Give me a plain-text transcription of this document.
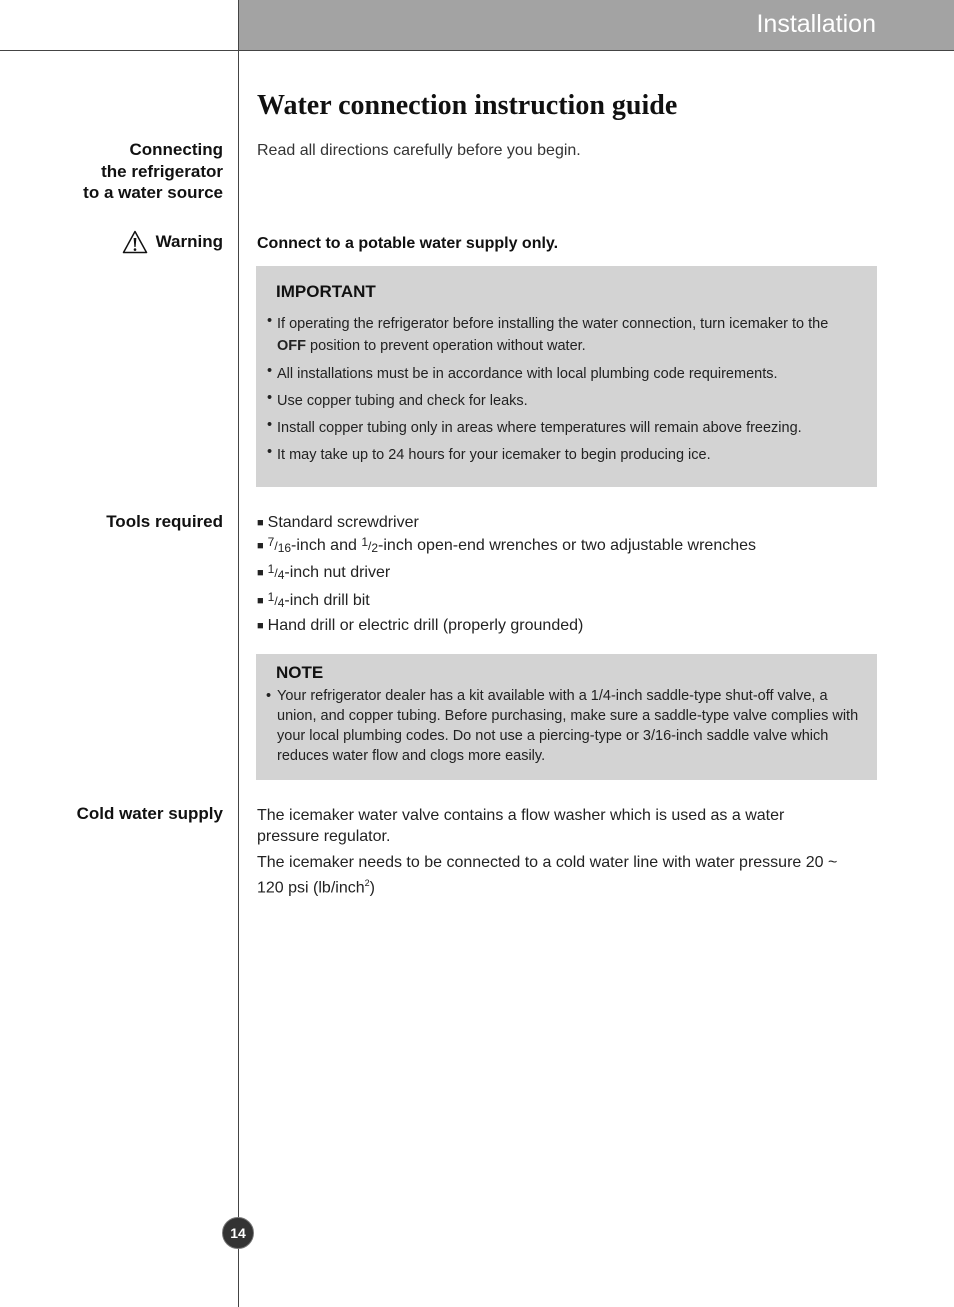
Installation
Water connection instruction guide
Read all directions carefully before you begin.
Connecting
the refrigerator
to a water source
Warning Connect to a potable water supply only.
IMPORTANT
• If operating the refrigerator before installing the water connection, turn icemaker to the OFF position to prevent operation without water.
• All installations must be in accordance with local plumbing code requirements.
• Use copper tubing and check for leaks.
• Install copper tubing only in areas where temperatures will remain above freezing.
• It may take up to 24 hours for your icemaker to begin producing ice.
Tools required	■ Standard screwdriver
■ 7/16-inch and 1/2-inch open-end wrenches or two adjustable wrenches
■ 1/4-inch nut driver
■ 1/4-inch drill bit
■ Hand drill or electric drill (properly grounded)
NOTE
• Your refrigerator dealer has a kit available with a 1/4-inch saddle-type shut-off valve, a union, and copper tubing. Before purchasing, make sure a saddle-type valve complies with your local plumbing codes. Do not use a piercing-type or 3/16-inch saddle valve which reduces water flow and clogs more easily.
Cold water supply The icemaker water valve contains a flow washer which is used as a water pressure regulator.
The icemaker needs to be connected to a cold water line with water pressure 20 ~ 120 psi (lb/inch$^2$)
14
